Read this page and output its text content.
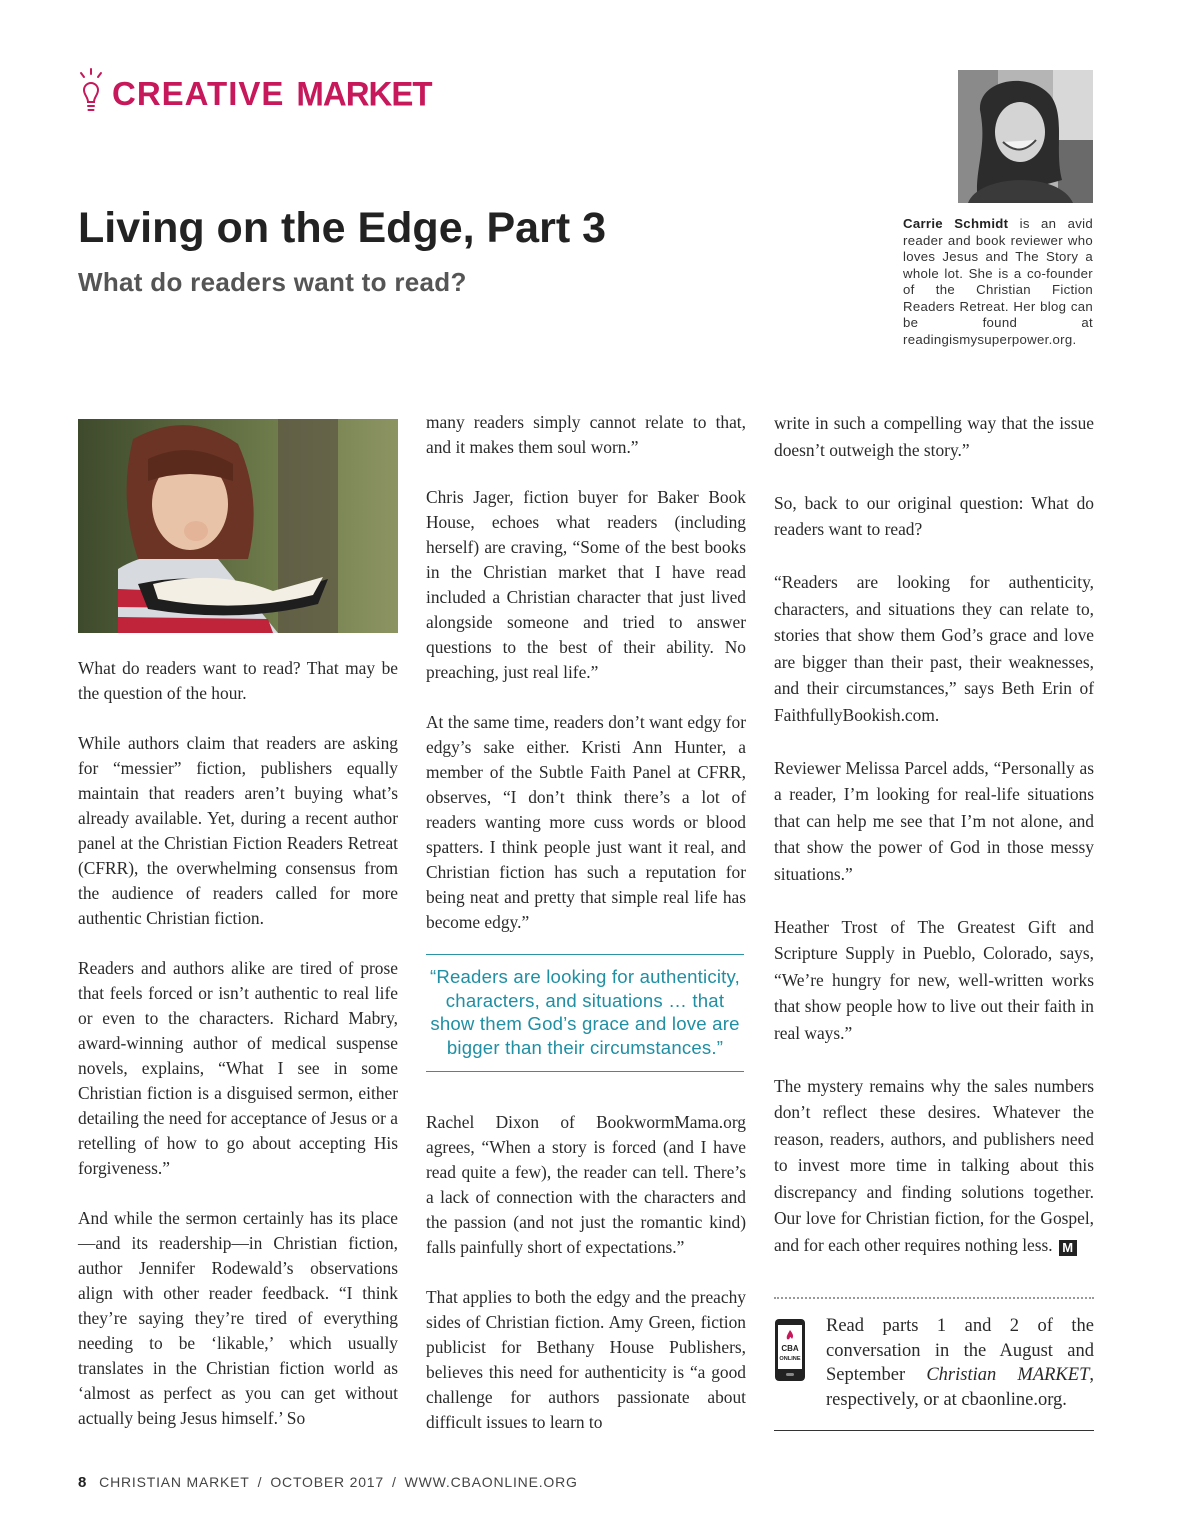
CREATIVE MARKET
Living on the Edge, Part 3
What do readers want to read?
Carrie Schmidt is an avid reader and book reviewer who loves Jesus and The Story a whole lot. She is a co-founder of the Christian Fiction Readers Retreat. Her blog can be found at readingismysuperpower.org.

What do readers want to read? That may be the question of the hour.

While authors claim that readers are asking for “messier” fiction, publishers equally maintain that readers aren’t buying what’s already available. Yet, during a recent author panel at the Christian Fiction Readers Retreat (CFRR), the overwhelming consensus from the audience of readers called for more authentic Christian fiction.

Readers and authors alike are tired of prose that feels forced or isn’t authentic to real life or even to the characters. Richard Mabry, award-winning author of medical suspense novels, explains, “What I see in some Christian fiction is a disguised sermon, either detailing the need for acceptance of Jesus or a retelling of how to go about accepting His forgiveness.”

And while the sermon certainly has its place—and its readership—in Christian fiction, author Jennifer Rodewald’s observations align with other reader feedback. “I think they’re saying they’re tired of everything needing to be ‘likable,’ which usually translates in the Christian fiction world as ‘almost as perfect as you can get without actually being Jesus himself.’ So

many readers simply cannot relate to that, and it makes them soul worn.”

Chris Jager, fiction buyer for Baker Book House, echoes what readers (including herself) are craving, “Some of the best books in the Christian market that I have read included a Christian character that just lived alongside someone and tried to answer questions to the best of their ability. No preaching, just real life.”

At the same time, readers don’t want edgy for edgy’s sake either. Kristi Ann Hunter, a member of the Subtle Faith Panel at CFRR, observes, “I don’t think there’s a lot of readers wanting more cuss words or blood spatters. I think people just want it real, and Christian fiction has such a reputation for being neat and pretty that simple real life has become edgy.”

“Readers are looking for authenticity, characters, and situations … that show them God’s grace and love are bigger than their circumstances.”

Rachel Dixon of BookwormMama.org agrees, “When a story is forced (and I have read quite a few), the reader can tell. There’s a lack of connection with the characters and the passion (and not just the romantic kind) falls painfully short of expectations.”

That applies to both the edgy and the preachy sides of Christian fiction. Amy Green, fiction publicist for Bethany House Publishers, believes this need for authenticity is “a good challenge for authors passionate about difficult issues to learn to

write in such a compelling way that the issue doesn’t outweigh the story.”

So, back to our original question: What do readers want to read?

“Readers are looking for authenticity, characters, and situations they can relate to, stories that show them God’s grace and love are bigger than their past, their weaknesses, and their circumstances,” says Beth Erin of FaithfullyBookish.com.

Reviewer Melissa Parcel adds, “Personally as a reader, I’m looking for real-life situations that can help me see that I’m not alone, and that show the power of God in those messy situations.”

Heather Trost of The Greatest Gift and Scripture Supply in Pueblo, Colorado, says, “We’re hungry for new, well-written works that show people how to live out their faith in real ways.”

The mystery remains why the sales numbers don’t reflect these desires. Whatever the reason, readers, authors, and publishers need to invest more time in talking about this discrepancy and finding solutions together. Our love for Christian fiction, for the Gospel, and for each other requires nothing less. M

CBA
ONLINE
Read parts 1 and 2 of the conversation in the August and September Christian MARKET, respectively, or at cbaonline.org.
8 CHRISTIAN MARKET / OCTOBER 2017 / WWW.CBAONLINE.ORG
